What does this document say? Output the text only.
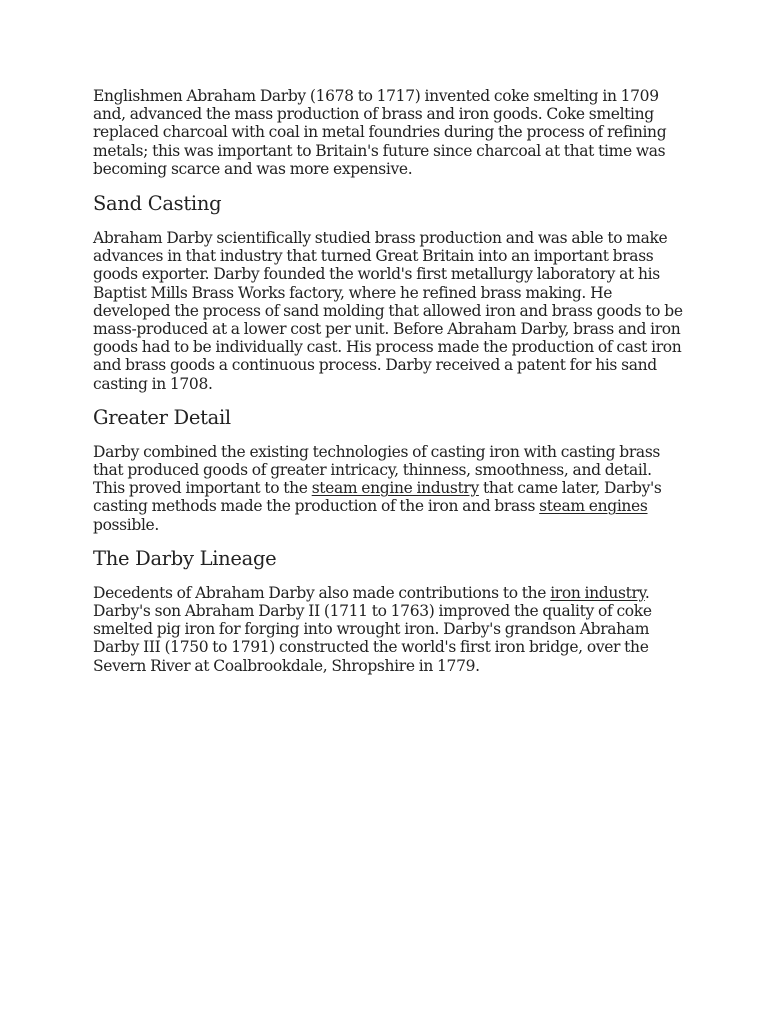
Englishmen Abraham Darby (1678 to 1717) invented coke smelting in 1709 and, advanced the mass production of brass and iron goods. Coke smelting replaced charcoal with coal in metal foundries during the process of refining metals; this was important to Britain's future since charcoal at that time was becoming scarce and was more expensive.

Sand Casting

Abraham Darby scientifically studied brass production and was able to make advances in that industry that turned Great Britain into an important brass goods exporter. Darby founded the world's first metallurgy laboratory at his Baptist Mills Brass Works factory, where he refined brass making. He developed the process of sand molding that allowed iron and brass goods to be mass-produced at a lower cost per unit. Before Abraham Darby, brass and iron goods had to be individually cast. His process made the production of cast iron and brass goods a continuous process. Darby received a patent for his sand casting in 1708.

Greater Detail

Darby combined the existing technologies of casting iron with casting brass that produced goods of greater intricacy, thinness, smoothness, and detail. This proved important to the steam engine industry that came later, Darby's casting methods made the production of the iron and brass steam engines possible.

The Darby Lineage

Decedents of Abraham Darby also made contributions to the iron industry. Darby's son Abraham Darby II (1711 to 1763) improved the quality of coke smelted pig iron for forging into wrought iron. Darby's grandson Abraham Darby III (1750 to 1791) constructed the world's first iron bridge, over the Severn River at Coalbrookdale, Shropshire in 1779.
